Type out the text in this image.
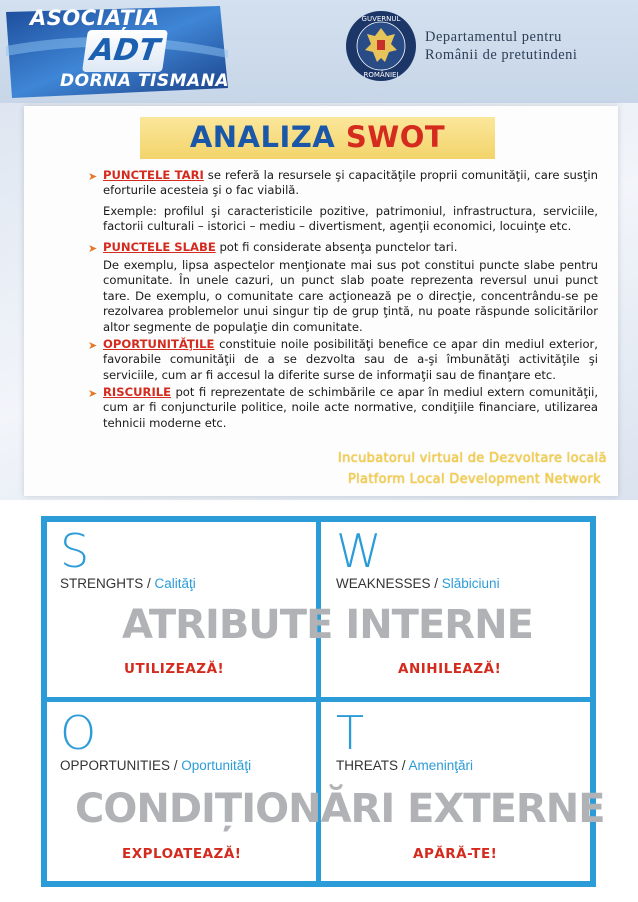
ASOCIAȚIA
ADT
DORNA TISMANA
GUVERNUL
ROMÂNIEI
Departamentul pentru
Românii de pretutindeni
ANALIZA SWOT
➤ PUNCTELE TARI se referă la resursele şi capacităţile proprii comunităţii, care susţin eforturile acesteia şi o fac viabilă.
Exemple: profilul şi caracteristicile pozitive, patrimoniul, infrastructura, serviciile, factorii culturali – istorici – mediu – divertisment, agenţii economici, locuinţe etc.
➤ PUNCTELE SLABE pot fi considerate absenţa punctelor tari.
De exemplu, lipsa aspectelor menţionate mai sus pot constitui puncte slabe pentru comunitate. În unele cazuri, un punct slab poate reprezenta reversul unui punct tare. De exemplu, o comunitate care acţionează pe o direcţie, concentrându-se pe rezolvarea problemelor unui singur tip de grup ţintă, nu poate răspunde solicitărilor altor segmente de populaţie din comunitate.
➤ OPORTUNITĂŢILE constituie noile posibilităţi benefice ce apar din mediul exterior, favorabile comunităţii de a se dezvolta sau de a-şi îmbunătăţi activităţile şi serviciile, cum ar fi accesul la diferite surse de informaţii sau de finanţare etc.
➤ RISCURILE pot fi reprezentate de schimbările ce apar în mediul extern comunităţii, cum ar fi conjuncturile politice, noile acte normative, condiţiile financiare, utilizarea tehnicii moderne etc.
Incubatorul virtual de Dezvoltare locală
Platform Local Development Network
S
STRENGHTS / Calităţi
UTILIZEAZĂ!
W
WEAKNESSES / Slăbiciuni
ANIHILEAZĂ!
O
OPPORTUNITIES / Oportunităţi
EXPLOATEAZĂ!
T
THREATS / Ameninţări
APĂRĂ-TE!
ATRIBUTE INTERNE
CONDIȚIONĂRI EXTERNE
